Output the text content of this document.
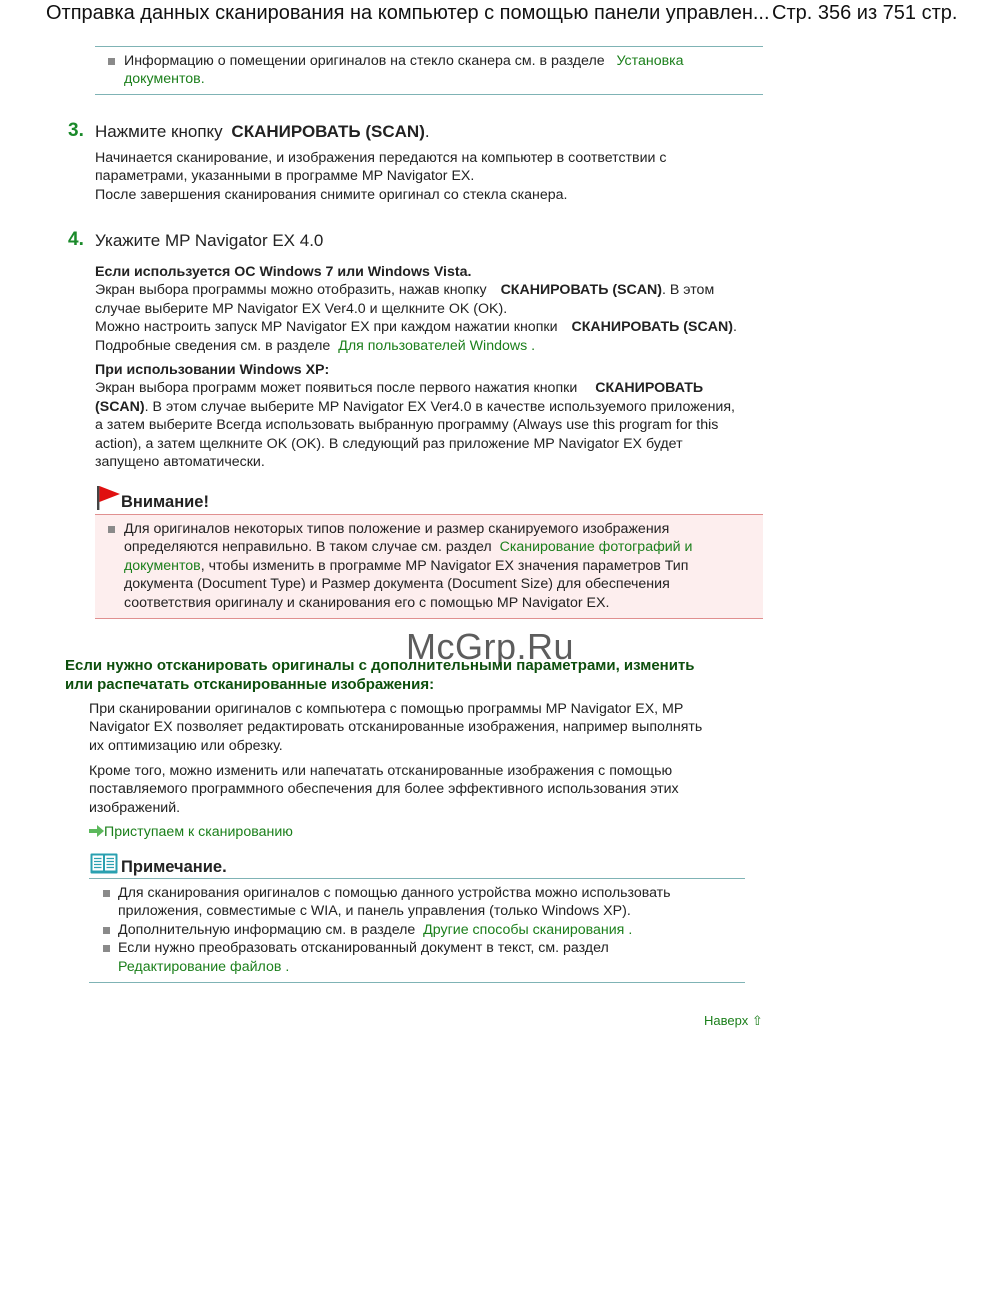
Отправка данных сканирования на компьютер с помощью панели управлен... Стр. 356 из 751 стр.
Информацию о помещении оригиналов на стекло сканера см. в разделе Установка документов.
3. Нажмите кнопку СКАНИРОВАТЬ (SCAN).
Начинается сканирование, и изображения передаются на компьютер в соответствии с
параметрами, указанными в программе MP Navigator EX.
После завершения сканирования снимите оригинал со стекла сканера.
4. Укажите MP Navigator EX 4.0
Если используется ОС Windows 7 или Windows Vista.
Экран выбора программы можно отобразить, нажав кнопку СКАНИРОВАТЬ (SCAN). В этом
случае выберите MP Navigator EX Ver4.0 и щелкните OK (OK).
Можно настроить запуск MP Navigator EX при каждом нажатии кнопки СКАНИРОВАТЬ (SCAN).
Подробные сведения см. в разделе Для пользователей Windows .
При использовании Windows XP:
Экран выбора программ может появиться после первого нажатия кнопки СКАНИРОВАТЬ
(SCAN). В этом случае выберите MP Navigator EX Ver4.0 в качестве используемого приложения,
а затем выберите Всегда использовать выбранную программу (Always use this program for this
action), а затем щелкните OK (OK). В следующий раз приложение MP Navigator EX будет
запущено автоматически.
Внимание!
Для оригиналов некоторых типов положение и размер сканируемого изображения
определяются неправильно. В таком случае см. раздел Сканирование фотографий и
документов, чтобы изменить в программе MP Navigator EX значения параметров Тип
документа (Document Type) и Размер документа (Document Size) для обеспечения
соответствия оригиналу и сканирования его с помощью MP Navigator EX.
McGrp.Ru
Если нужно отсканировать оригиналы с дополнительными параметрами, изменить
или распечатать отсканированные изображения:
При сканировании оригиналов с компьютера с помощью программы MP Navigator EX, MP
Navigator EX позволяет редактировать отсканированные изображения, например выполнять
их оптимизацию или обрезку.
Кроме того, можно изменить или напечатать отсканированные изображения с помощью
поставляемого программного обеспечения для более эффективного использования этих
изображений.
Приступаем к сканированию
Примечание.
Для сканирования оригиналов с помощью данного устройства можно использовать
приложения, совместимые с WIA, и панель управления (только Windows XP).
Дополнительную информацию см. в разделе Другие способы сканирования .
Если нужно преобразовать отсканированный документ в текст, см. раздел
Редактирование файлов .
Наверх ⇧
